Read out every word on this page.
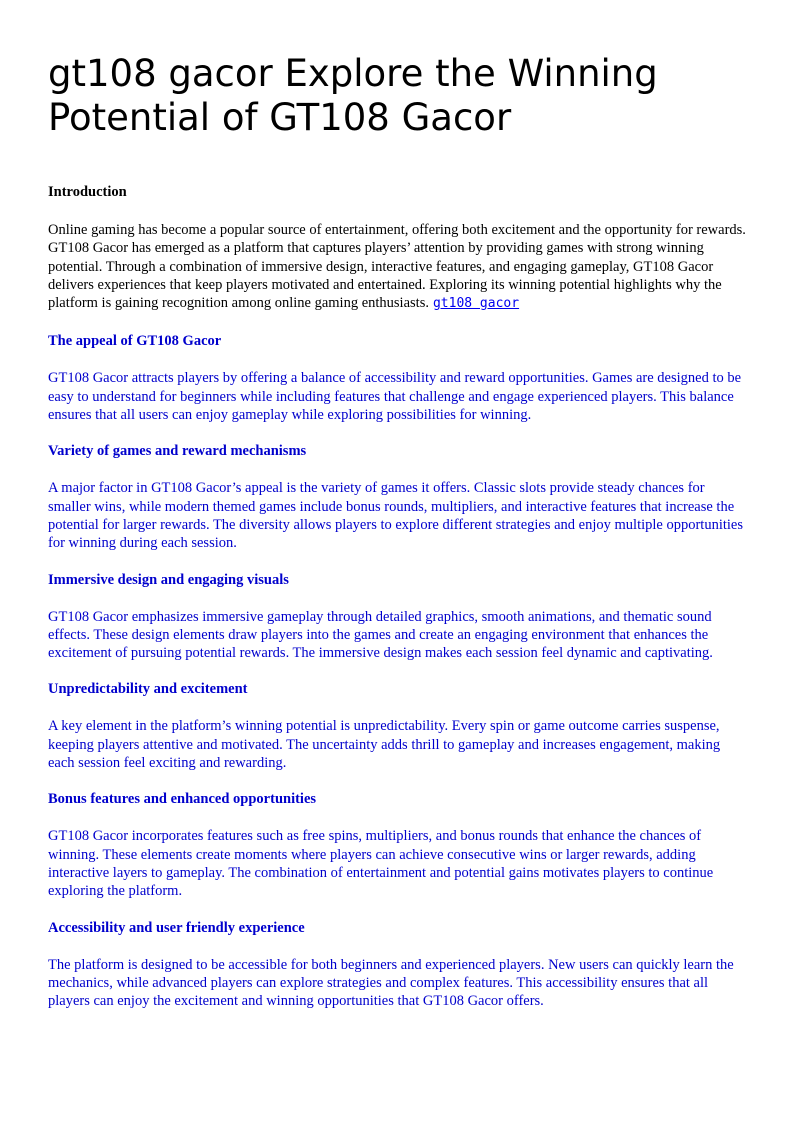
gt108 gacor Explore the Winning Potential of GT108 Gacor

Introduction

Online gaming has become a popular source of entertainment, offering both excitement and the opportunity for rewards. GT108 Gacor has emerged as a platform that captures players’ attention by providing games with strong winning potential. Through a combination of immersive design, interactive features, and engaging gameplay, GT108 Gacor delivers experiences that keep players motivated and entertained. Exploring its winning potential highlights why the platform is gaining recognition among online gaming enthusiasts. gt108 gacor

The appeal of GT108 Gacor

GT108 Gacor attracts players by offering a balance of accessibility and reward opportunities. Games are designed to be easy to understand for beginners while including features that challenge and engage experienced players. This balance ensures that all users can enjoy gameplay while exploring possibilities for winning.

Variety of games and reward mechanisms

A major factor in GT108 Gacor’s appeal is the variety of games it offers. Classic slots provide steady chances for smaller wins, while modern themed games include bonus rounds, multipliers, and interactive features that increase the potential for larger rewards. The diversity allows players to explore different strategies and enjoy multiple opportunities for winning during each session.

Immersive design and engaging visuals

GT108 Gacor emphasizes immersive gameplay through detailed graphics, smooth animations, and thematic sound effects. These design elements draw players into the games and create an engaging environment that enhances the excitement of pursuing potential rewards. The immersive design makes each session feel dynamic and captivating.

Unpredictability and excitement

A key element in the platform’s winning potential is unpredictability. Every spin or game outcome carries suspense, keeping players attentive and motivated. The uncertainty adds thrill to gameplay and increases engagement, making each session feel exciting and rewarding.

Bonus features and enhanced opportunities

GT108 Gacor incorporates features such as free spins, multipliers, and bonus rounds that enhance the chances of winning. These elements create moments where players can achieve consecutive wins or larger rewards, adding interactive layers to gameplay. The combination of entertainment and potential gains motivates players to continue exploring the platform.

Accessibility and user friendly experience

The platform is designed to be accessible for both beginners and experienced players. New users can quickly learn the mechanics, while advanced players can explore strategies and complex features. This accessibility ensures that all players can enjoy the excitement and winning opportunities that GT108 Gacor offers.
